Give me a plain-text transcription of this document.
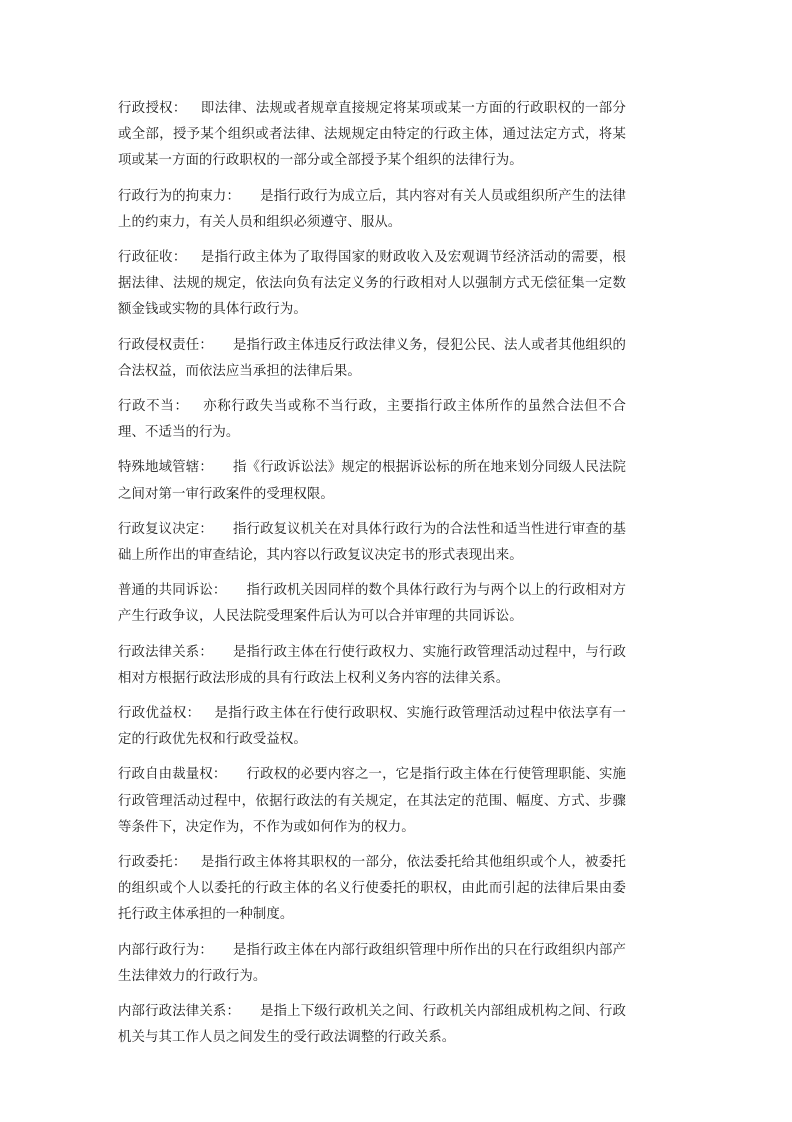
行政授权： 即法律、法规或者规章直接规定将某项或某一方面的行政职权的一部分或全部，授予某个组织或者法律、法规规定由特定的行政主体，通过法定方式，将某项或某一方面的行政职权的一部分或全部授予某个组织的法律行为。

行政行为的拘束力： 是指行政行为成立后，其内容对有关人员或组织所产生的法律上的约束力，有关人员和组织必须遵守、服从。

行政征收： 是指行政主体为了取得国家的财政收入及宏观调节经济活动的需要，根据法律、法规的规定，依法向负有法定义务的行政相对人以强制方式无偿征集一定数额金钱或实物的具体行政行为。

行政侵权责任： 是指行政主体违反行政法律义务，侵犯公民、法人或者其他组织的合法权益，而依法应当承担的法律后果。

行政不当： 亦称行政失当或称不当行政，主要指行政主体所作的虽然合法但不合理、不适当的行为。

特殊地域管辖： 指《行政诉讼法》规定的根据诉讼标的所在地来划分同级人民法院之间对第一审行政案件的受理权限。

行政复议决定： 指行政复议机关在对具体行政行为的合法性和适当性进行审查的基础上所作出的审查结论，其内容以行政复议决定书的形式表现出来。

普通的共同诉讼： 指行政机关因同样的数个具体行政行为与两个以上的行政相对方产生行政争议，人民法院受理案件后认为可以合并审理的共同诉讼。

行政法律关系： 是指行政主体在行使行政权力、实施行政管理活动过程中，与行政相对方根据行政法形成的具有行政法上权利义务内容的法律关系。

行政优益权： 是指行政主体在行使行政职权、实施行政管理活动过程中依法享有一定的行政优先权和行政受益权。

行政自由裁量权： 行政权的必要内容之一，它是指行政主体在行使管理职能、实施行政管理活动过程中，依据行政法的有关规定，在其法定的范围、幅度、方式、步骤等条件下，决定作为，不作为或如何作为的权力。

行政委托： 是指行政主体将其职权的一部分，依法委托给其他组织或个人，被委托的组织或个人以委托的行政主体的名义行使委托的职权，由此而引起的法律后果由委托行政主体承担的一种制度。

内部行政行为： 是指行政主体在内部行政组织管理中所作出的只在行政组织内部产生法律效力的行政行为。

内部行政法律关系： 是指上下级行政机关之间、行政机关内部组成机构之间、行政机关与其工作人员之间发生的受行政法调整的行政关系。
